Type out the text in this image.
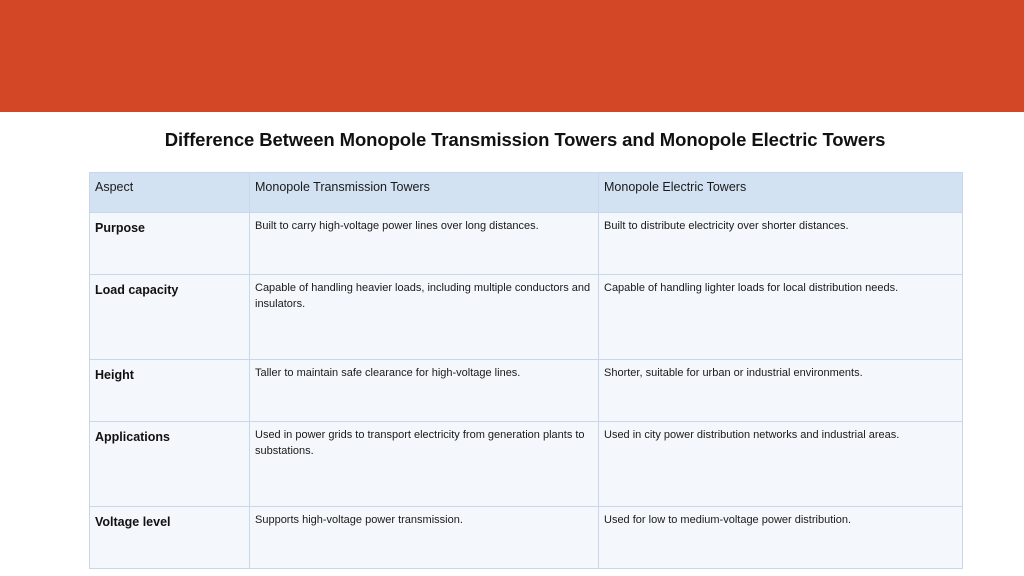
Difference Between Monopole Transmission Towers and Monopole Electric Towers
Aspect	Monopole Transmission Towers	Monopole Electric Towers

Purpose	Built to carry high-voltage power lines over long distances.	Built to distribute electricity over shorter distances.

Load capacity	Capable of handling heavier loads, including multiple conductors and insulators.	Capable of handling lighter loads for local distribution needs.

Height	Taller to maintain safe clearance for high-voltage lines.	Shorter, suitable for urban or industrial environments.

Applications	Used in power grids to transport electricity from generation plants to substations.	Used in city power distribution networks and industrial areas.

Voltage level	Supports high-voltage power transmission.	Used for low to medium-voltage power distribution.
